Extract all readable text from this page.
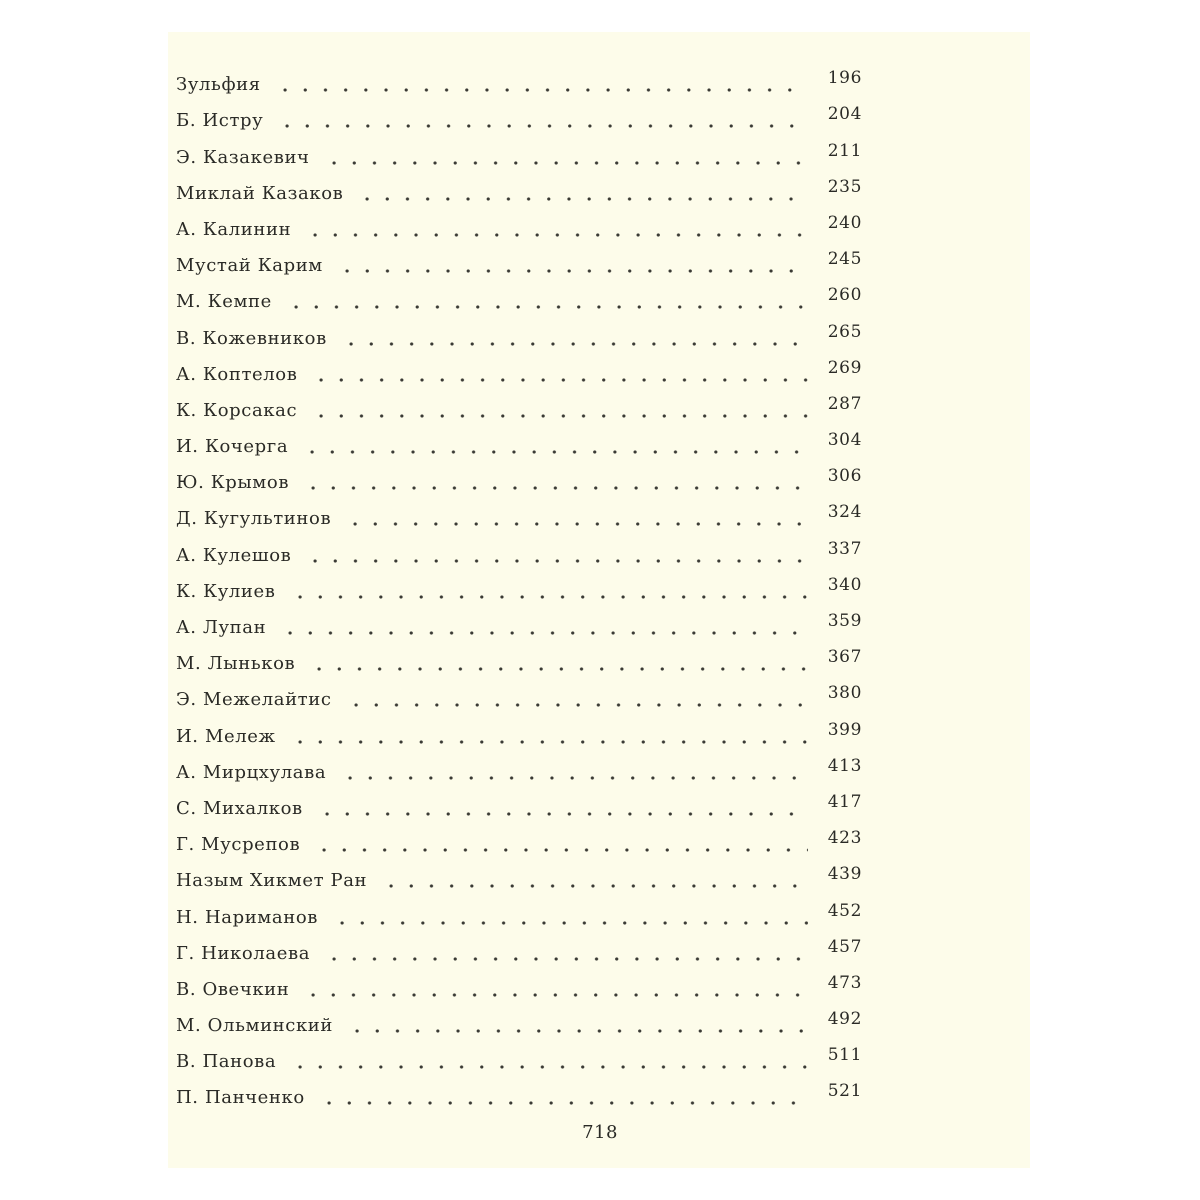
Зульфия	196
Б. Истру	204
Э. Казакевич	211
Миклай Казаков	235
А. Калинин	240
Мустай Карим	245
М. Кемпе	260
В. Кожевников	265
А. Коптелов	269
К. Корсакас	287
И. Кочерга	304
Ю. Крымов	306
Д. Кугультинов	324
А. Кулешов	337
К. Кулиев	340
А. Лупан	359
М. Лыньков	367
Э. Межелайтис	380
И. Мележ	399
А. Мирцхулава	413
С. Михалков	417
Г. Мусрепов	423
Назым Хикмет Ран	439
Н. Нариманов	452
Г. Николаева	457
В. Овечкин	473
М. Ольминский	492
В. Панова	511
П. Панченко	521
718
